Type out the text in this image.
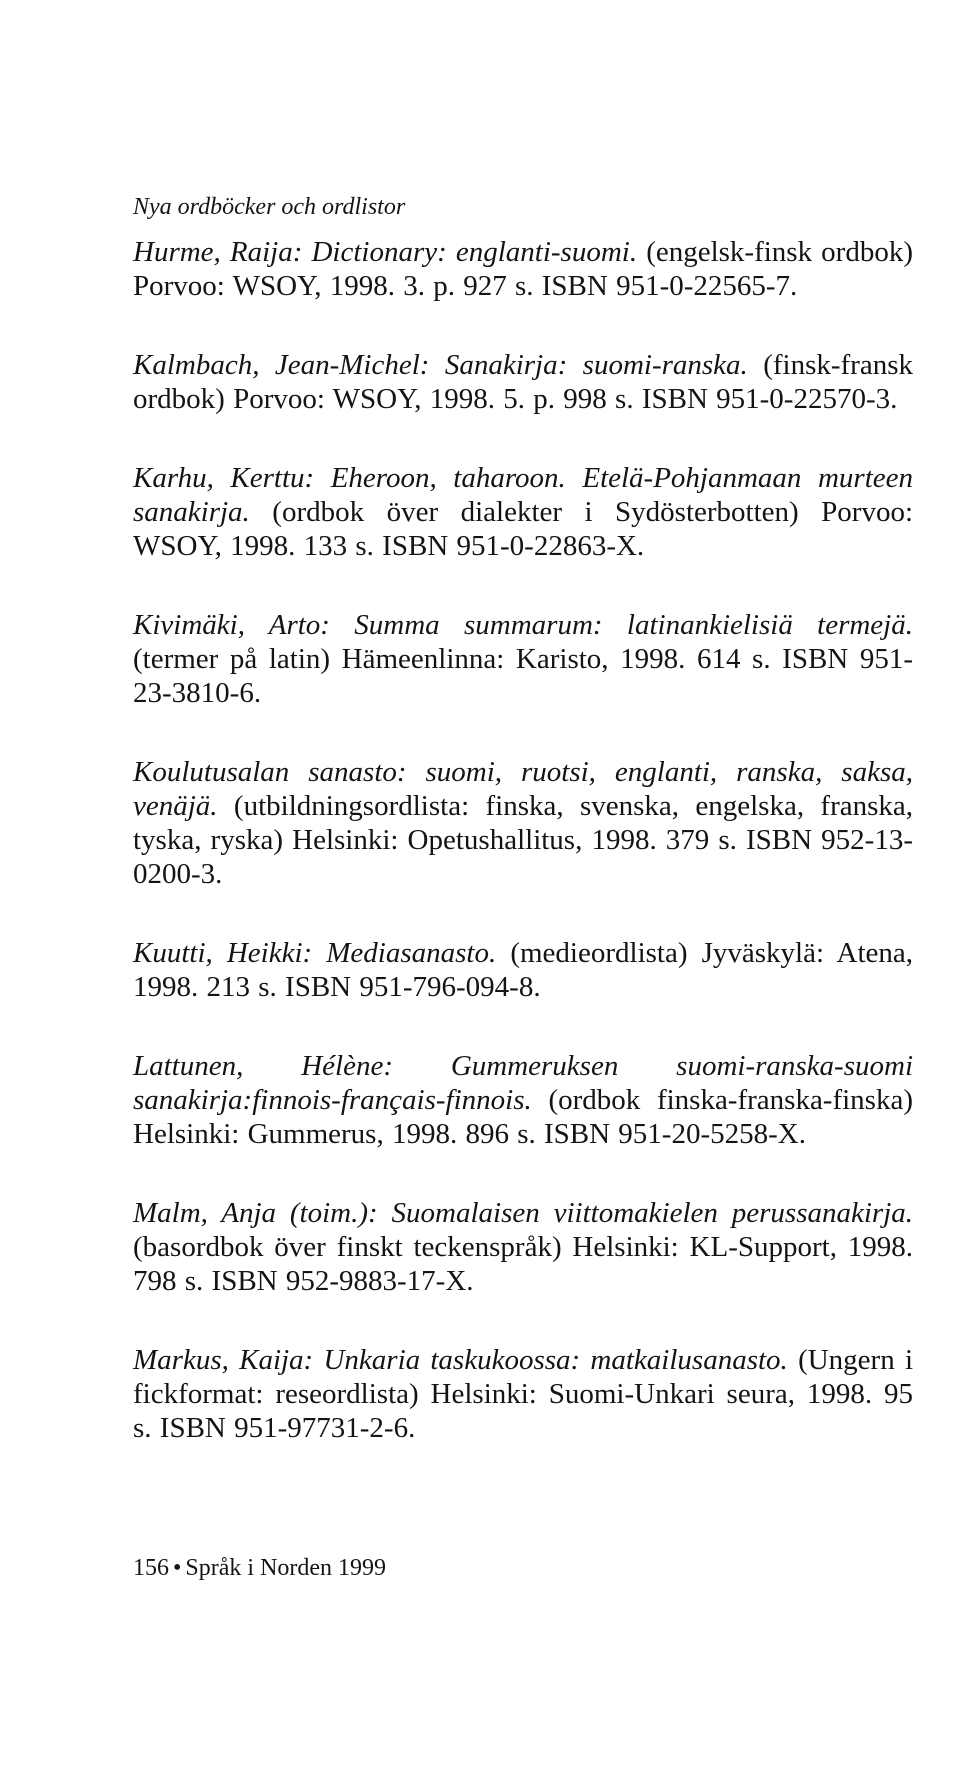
Nya ordböcker och ordlistor

Hurme, Raija: Dictionary: englanti-suomi. (engelsk-finsk ordbok) Porvoo: WSOY, 1998. 3. p. 927 s. ISBN 951-0-22565-7.

Kalmbach, Jean-Michel: Sanakirja: suomi-ranska. (finsk-fransk ordbok) Porvoo: WSOY, 1998. 5. p. 998 s. ISBN 951-0-22570-3.

Karhu, Kerttu: Eheroon, taharoon. Etelä-Pohjanmaan murteen sanakirja. (ordbok över dialekter i Sydösterbotten) Porvoo: WSOY, 1998. 133 s. ISBN 951-0-22863-X.

Kivimäki, Arto: Summa summarum: latinankielisiä termejä. (termer på latin) Hämeenlinna: Karisto, 1998. 614 s. ISBN 951-23-3810-6.

Koulutusalan sanasto: suomi, ruotsi, englanti, ranska, saksa, venäjä. (utbildningsordlista: finska, svenska, engelska, franska, tyska, ryska) Helsinki: Opetushallitus, 1998. 379 s. ISBN 952-13-0200-3.

Kuutti, Heikki: Mediasanasto. (medieordlista) Jyväskylä: Atena, 1998. 213 s. ISBN 951-796-094-8.

Lattunen, Hélène: Gummeruksen suomi-ranska-suomi sanakirja:finnois-français-finnois. (ordbok finska-franska-finska) Helsinki: Gummerus, 1998. 896 s. ISBN 951-20-5258-X.

Malm, Anja (toim.): Suomalaisen viittomakielen perussanakirja. (basordbok över finskt teckenspråk) Helsinki: KL-Support, 1998. 798 s. ISBN 952-9883-17-X.

Markus, Kaija: Unkaria taskukoossa: matkailusanasto. (Ungern i fickformat: reseordlista) Helsinki: Suomi-Unkari seura, 1998. 95 s. ISBN 951-97731-2-6.

156 • Språk i Norden 1999
